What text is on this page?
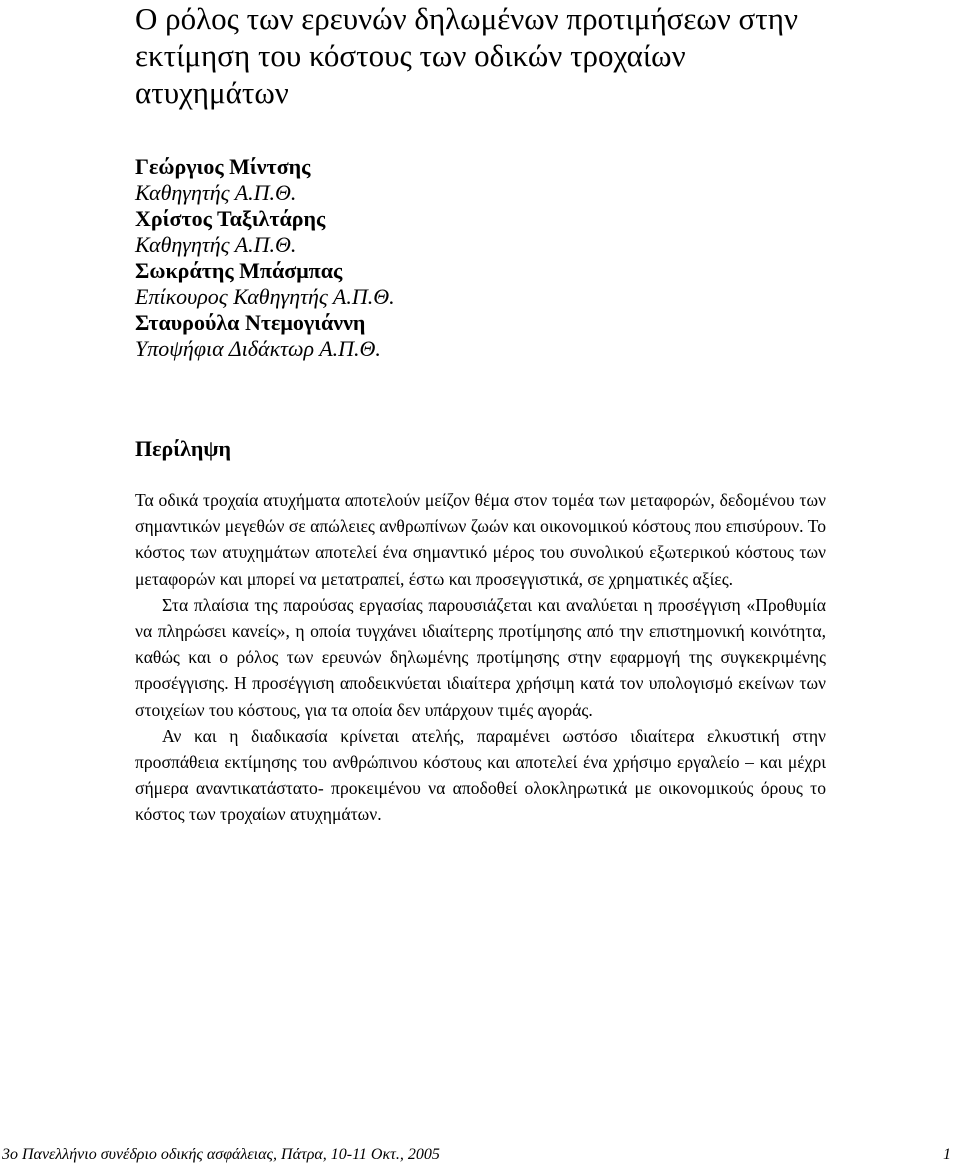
Ο ρόλος των ερευνών δηλωμένων προτιμήσεων στην εκτίμηση του κόστους των οδικών τροχαίων ατυχημάτων
Γεώργιος Μίντσης
Καθηγητής Α.Π.Θ.
Χρίστος Ταξιλτάρης
Καθηγητής Α.Π.Θ.
Σωκράτης Μπάσμπας
Επίκουρος Καθηγητής Α.Π.Θ.
Σταυρούλα Ντεμογιάννη
Υποψήφια Διδάκτωρ Α.Π.Θ.
Περίληψη

Τα οδικά τροχαία ατυχήματα αποτελούν μείζον θέμα στον τομέα των μεταφορών, δεδομένου των σημαντικών μεγεθών σε απώλειες ανθρωπίνων ζωών και οικονομικού κόστους που επισύρουν. Το κόστος των ατυχημάτων αποτελεί ένα σημαντικό μέρος του συνολικού εξωτερικού κόστους των μεταφορών και μπορεί να μετατραπεί, έστω και προσεγγιστικά, σε χρηματικές αξίες.

Στα πλαίσια της παρούσας εργασίας παρουσιάζεται και αναλύεται η προσέγγιση «Προθυμία να πληρώσει κανείς», η οποία τυγχάνει ιδιαίτερης προτίμησης από την επιστημονική κοινότητα, καθώς και ο ρόλος των ερευνών δηλωμένης προτίμησης στην εφαρμογή της συγκεκριμένης προσέγγισης. Η προσέγγιση αποδεικνύεται ιδιαίτερα χρήσιμη κατά τον υπολογισμό εκείνων των στοιχείων του κόστους, για τα οποία δεν υπάρχουν τιμές αγοράς.

Αν και η διαδικασία κρίνεται ατελής, παραμένει ωστόσο ιδιαίτερα ελκυστική στην προσπάθεια εκτίμησης του ανθρώπινου κόστους και αποτελεί ένα χρήσιμο εργαλείο – και μέχρι σήμερα αναντικατάστατο- προκειμένου να αποδοθεί ολοκληρωτικά με οικονομικούς όρους το κόστος των τροχαίων ατυχημάτων.

3ο Πανελλήνιο συνέδριο οδικής ασφάλειας, Πάτρα, 10-11 Οκτ., 2005	1
